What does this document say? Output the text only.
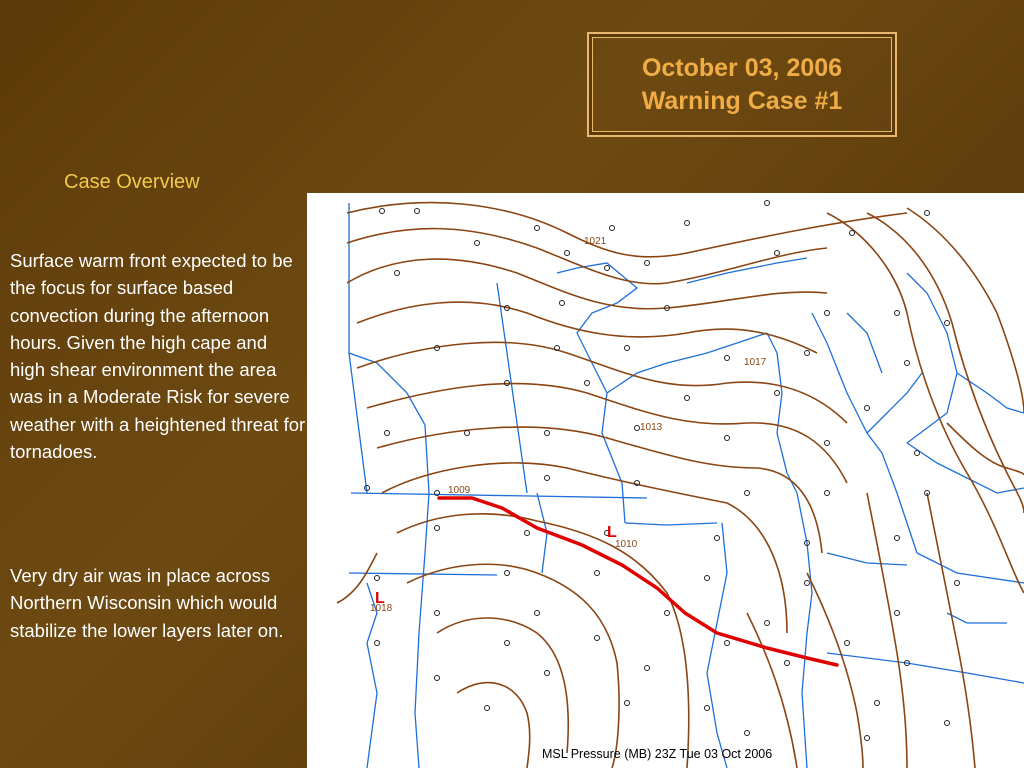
October 03, 2006
Warning Case #1
Case Overview
Surface warm front expected to be the focus for surface based convection during the afternoon hours. Given the high cape and high shear environment the area was in a Moderate Risk for severe weather with a heightened threat for tornadoes.
Very dry air was in place across Northern Wisconsin which would stabilize the lower layers later on.
1021
1017
1013
1009
1010
1018
L
L
MSL Pressure (MB) 23Z Tue 03 Oct 2006
